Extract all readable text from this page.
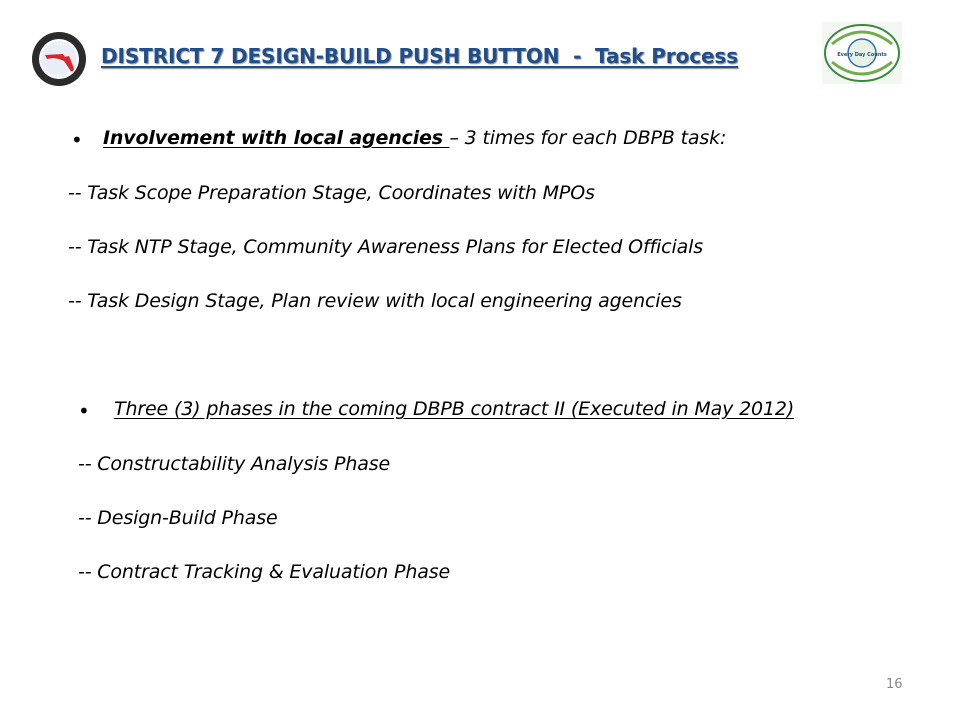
DISTRICT 7 DESIGN-BUILD PUSH BUTTON  -  Task Process	Every Day Counts
• Involvement with local agencies – 3 times for each DBPB task:
-- Task Scope Preparation Stage, Coordinates with MPOs
-- Task NTP Stage, Community Awareness Plans for Elected Officials
-- Task Design Stage, Plan review with local engineering agencies
• Three (3) phases in the coming DBPB contract II (Executed in May 2012)
-- Constructability Analysis Phase
-- Design-Build Phase
-- Contract Tracking & Evaluation Phase
16
